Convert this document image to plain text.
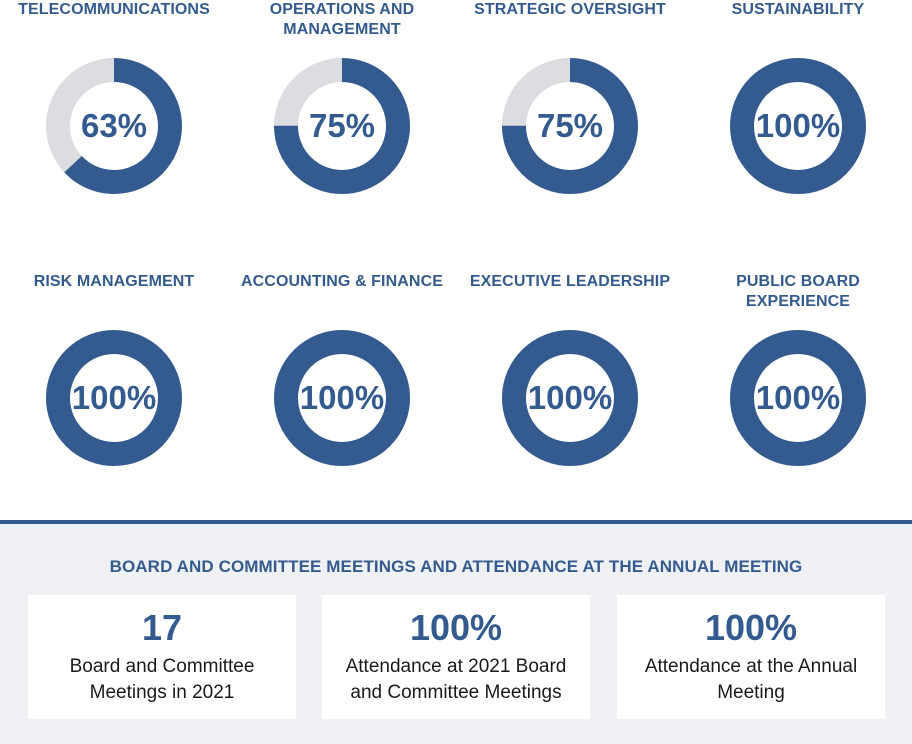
TELECOMMUNICATIONS
63%
OPERATIONS AND MANAGEMENT
75%
STRATEGIC OVERSIGHT
75%
SUSTAINABILITY
100%
RISK MANAGEMENT
100%
ACCOUNTING & FINANCE
100%
EXECUTIVE LEADERSHIP
100%
PUBLIC BOARD EXPERIENCE
100%
BOARD AND COMMITTEE MEETINGS AND ATTENDANCE AT THE ANNUAL MEETING
17
Board and Committee Meetings in 2021
100%
Attendance at 2021 Board and Committee Meetings
100%
Attendance at the Annual Meeting
